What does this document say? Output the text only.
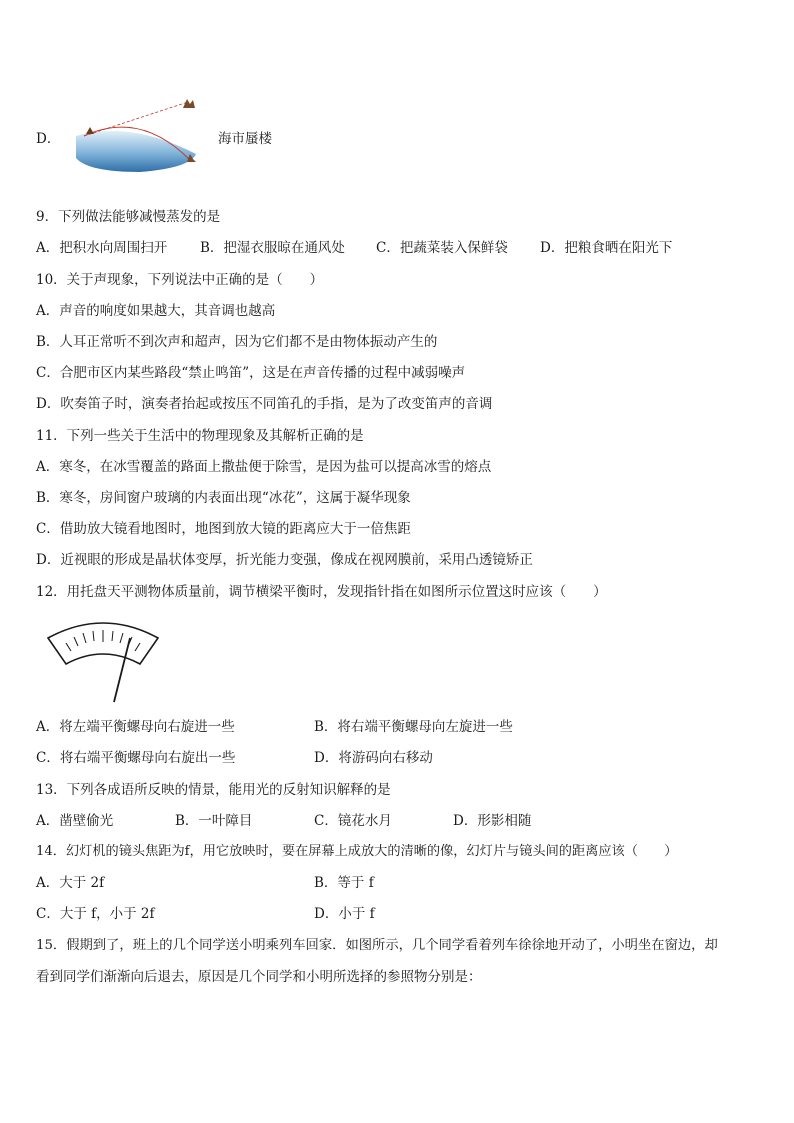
D．	海市蜃楼
9．下列做法能够减慢蒸发的是
A．把积水向周围扫开 B．把湿衣服晾在通风处 C．把蔬菜装入保鲜袋 D．把粮食晒在阳光下
10．关于声现象，下列说法中正确的是（　　）
A．声音的响度如果越大，其音调也越高
B．人耳正常听不到次声和超声，因为它们都不是由物体振动产生的
C．合肥市区内某些路段“禁止鸣笛”，这是在声音传播的过程中减弱噪声
D．吹奏笛子时，演奏者抬起或按压不同笛孔的手指，是为了改变笛声的音调
11．下列一些关于生活中的物理现象及其解析正确的是
A．寒冬，在冰雪覆盖的路面上撒盐便于除雪，是因为盐可以提高冰雪的熔点
B．寒冬，房间窗户玻璃的内表面出现“冰花”，这属于凝华现象
C．借助放大镜看地图时，地图到放大镜的距离应大于一倍焦距
D．近视眼的形成是晶状体变厚，折光能力变强，像成在视网膜前，采用凸透镜矫正
12．用托盘天平测物体质量前，调节横梁平衡时，发现指针指在如图所示位置这时应该（　　）
A．将左端平衡螺母向右旋进一些	B．将右端平衡螺母向左旋进一些
C．将右端平衡螺母向右旋出一些	D．将游码向右移动
13．下列各成语所反映的情景，能用光的反射知识解释的是
A．凿壁偷光	B．一叶障目	C．镜花水月	D．形影相随
14．幻灯机的镜头焦距为f，用它放映时，要在屏幕上成放大的清晰的像，幻灯片与镜头间的距离应该（　　）
A．大于 2f	B．等于 f
C．大于 f，小于 2f	D．小于 f
15．假期到了，班上的几个同学送小明乘列车回家．如图所示，几个同学看着列车徐徐地开动了，小明坐在窗边，却
看到同学们渐渐向后退去，原因是几个同学和小明所选择的参照物分别是：
